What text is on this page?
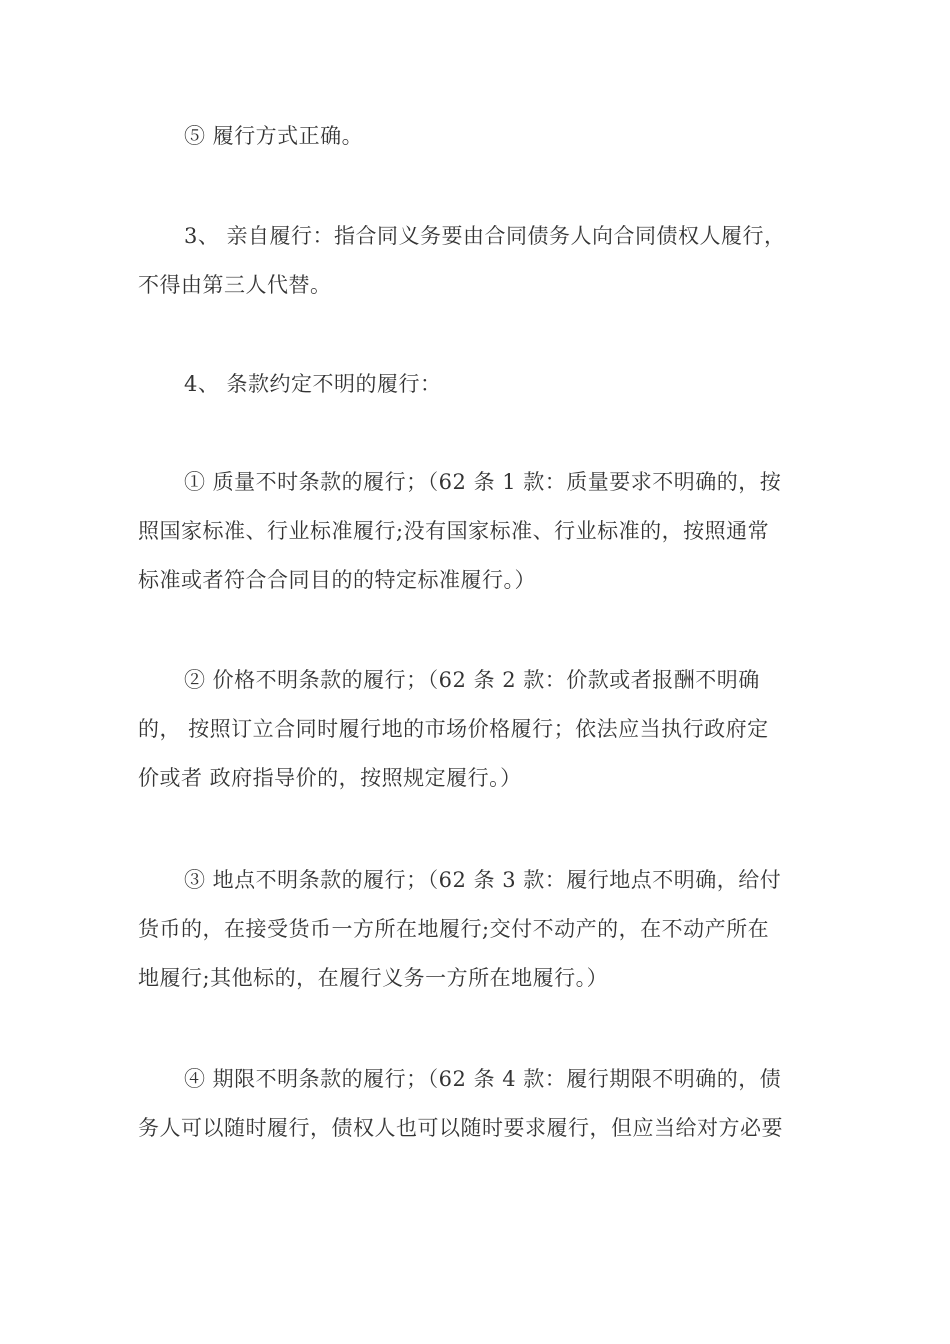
⑤ 履行方式正确。
3、 亲自履行：指合同义务要由合同债务人向合同债权人履行，
不得由第三人代替。
4、 条款约定不明的履行：
① 质量不时条款的履行；（62 条 1 款：质量要求不明确的，按
照国家标准、行业标准履行;没有国家标准、行业标准的，按照通常
标准或者符合合同目的的特定标准履行。）
② 价格不明条款的履行；（62 条 2 款：价款或者报酬不明确
的， 按照订立合同时履行地的市场价格履行；依法应当执行政府定
价或者 政府指导价的，按照规定履行。）
③ 地点不明条款的履行；（62 条 3 款：履行地点不明确，给付
货币的，在接受货币一方所在地履行;交付不动产的，在不动产所在
地履行;其他标的，在履行义务一方所在地履行。）
④ 期限不明条款的履行；（62 条 4 款：履行期限不明确的，债
务人可以随时履行，债权人也可以随时要求履行，但应当给对方必要
